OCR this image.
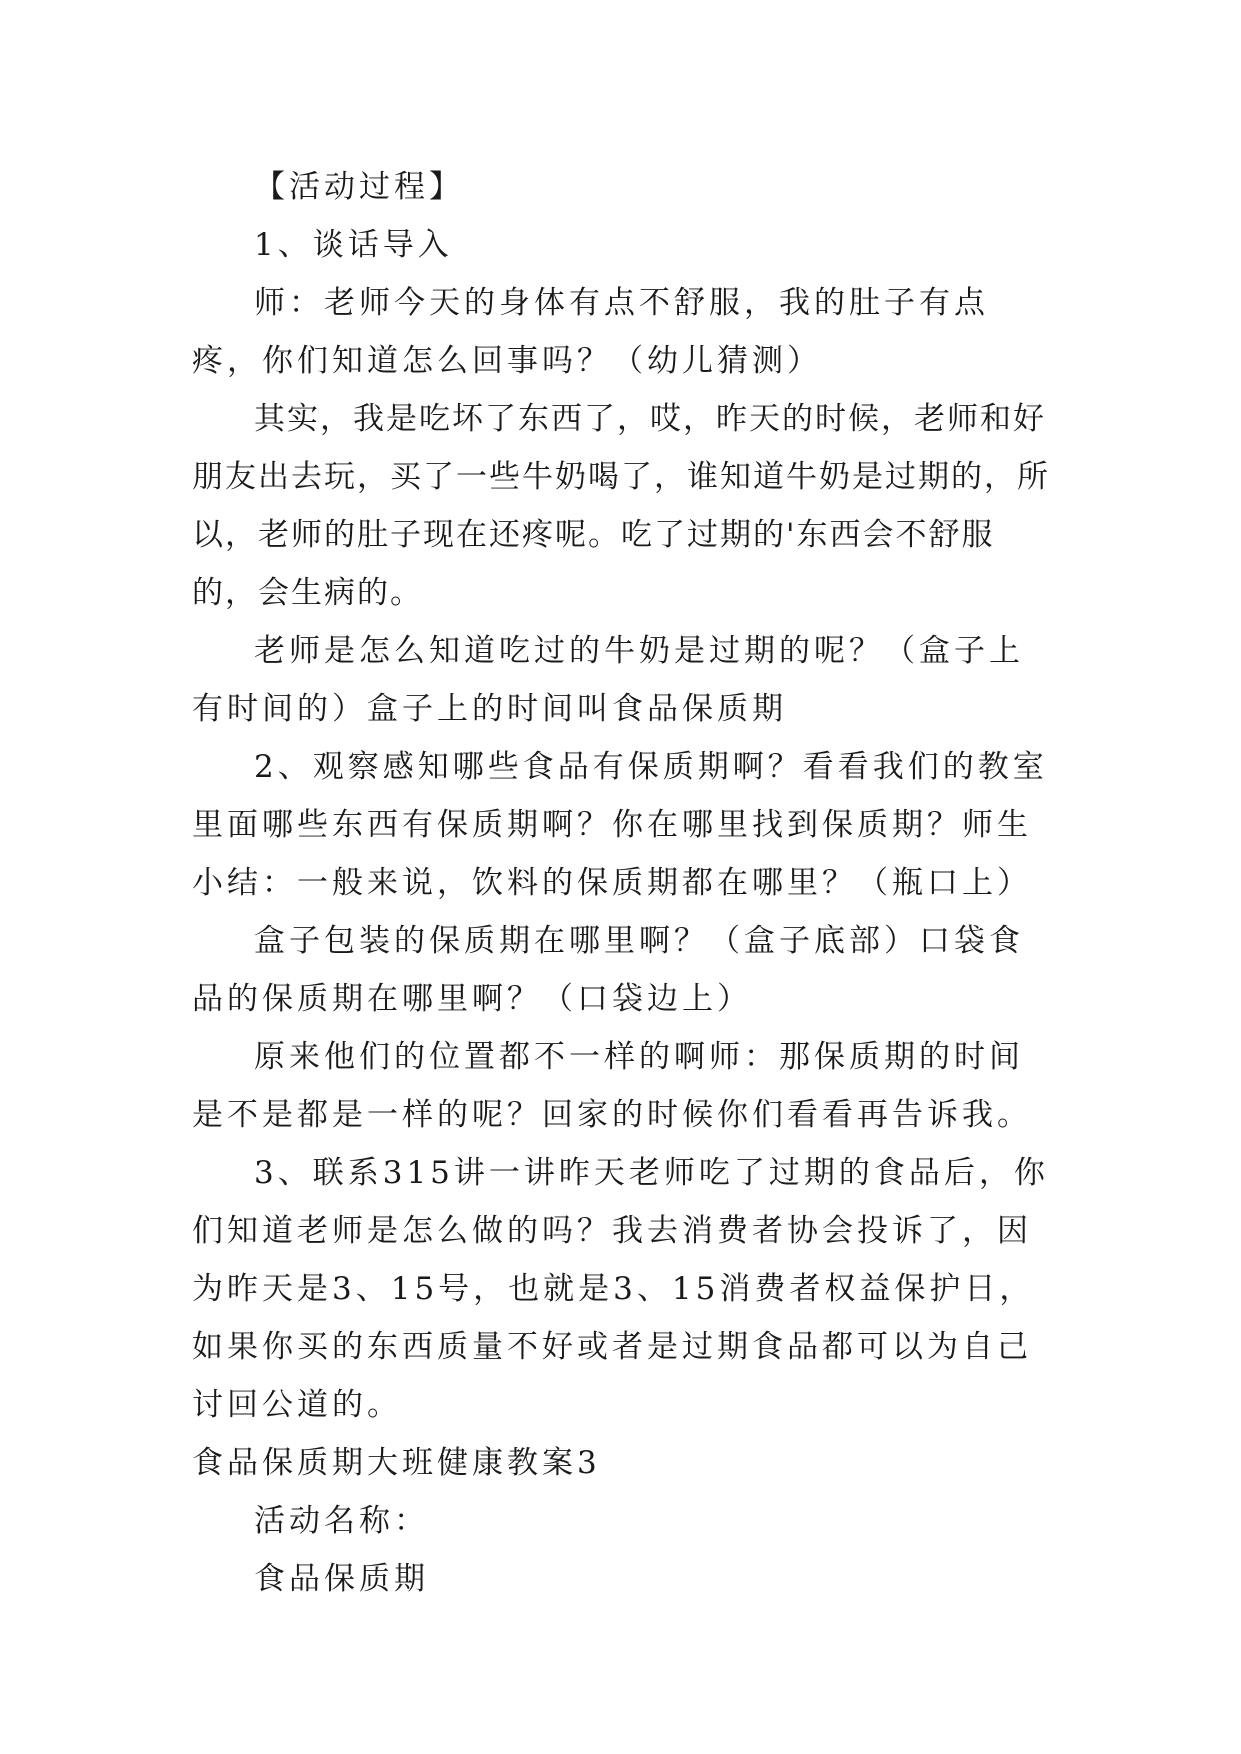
【活动过程】

1、谈话导入

师：老师今天的身体有点不舒服，我的肚子有点疼，你们知道怎么回事吗？（幼儿猜测）

其实，我是吃坏了东西了，哎，昨天的时候，老师和好朋友出去玩，买了一些牛奶喝了，谁知道牛奶是过期的，所以，老师的肚子现在还疼呢。吃了过期的'东西会不舒服的，会生病的。

老师是怎么知道吃过的牛奶是过期的呢？（盒子上有时间的）盒子上的时间叫食品保质期

2、观察感知哪些食品有保质期啊？看看我们的教室里面哪些东西有保质期啊？你在哪里找到保质期？师生小结：一般来说，饮料的保质期都在哪里？（瓶口上）

盒子包装的保质期在哪里啊？（盒子底部）口袋食品的保质期在哪里啊？（口袋边上）

原来他们的位置都不一样的啊师：那保质期的时间是不是都是一样的呢？回家的时候你们看看再告诉我。

3、联系315讲一讲昨天老师吃了过期的食品后，你们知道老师是怎么做的吗？我去消费者协会投诉了，因为昨天是3、15号，也就是3、15消费者权益保护日，如果你买的东西质量不好或者是过期食品都可以为自己讨回公道的。

食品保质期大班健康教案3

活动名称：

食品保质期
